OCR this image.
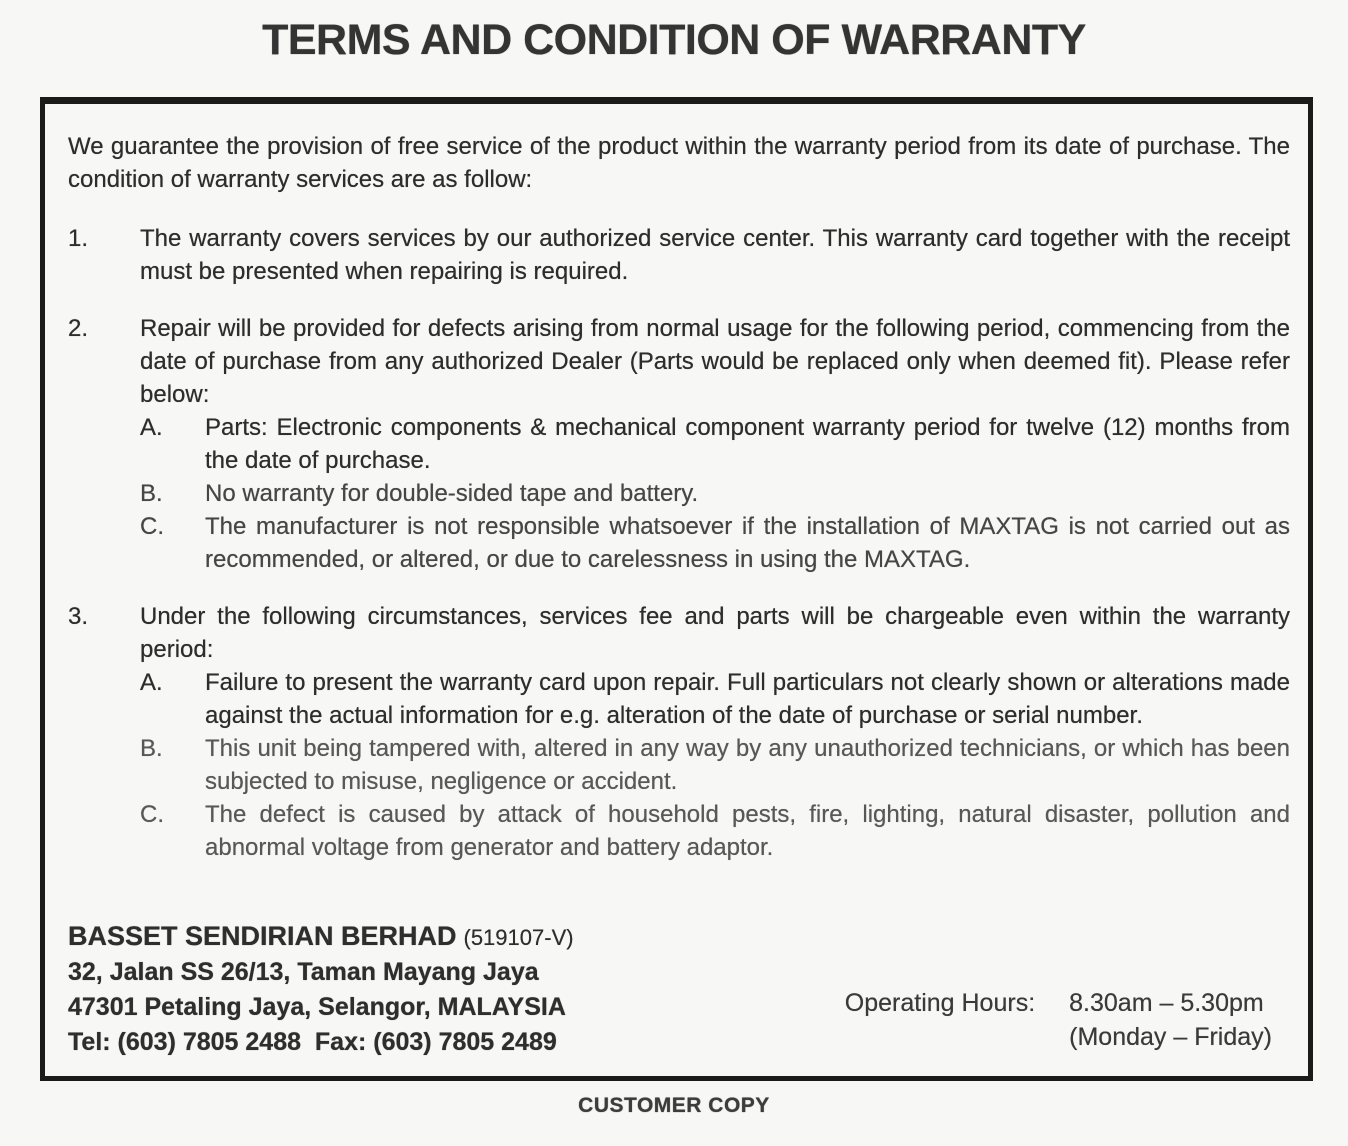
TERMS AND CONDITION OF WARRANTY

We guarantee the provision of free service of the product within the warranty period from its date of purchase. The condition of warranty services are as follow:

1.	The warranty covers services by our authorized service center. This warranty card together with the receipt must be presented when repairing is required.

2.	Repair will be provided for defects arising from normal usage for the following period, commencing from the date of purchase from any authorized Dealer (Parts would be replaced only when deemed fit). Please refer below:

A.	Parts: Electronic components & mechanical component warranty period for twelve (12) months from the date of purchase.

B.	No warranty for double-sided tape and battery.

C.	The manufacturer is not responsible whatsoever if the installation of MAXTAG is not carried out as recommended, or altered, or due to carelessness in using the MAXTAG.

3.	Under the following circumstances, services fee and parts will be chargeable even within the warranty period:

A.	Failure to present the warranty card upon repair. Full particulars not clearly shown or alterations made against the actual information for e.g. alteration of the date of purchase or serial number.

B.	This unit being tampered with, altered in any way by any unauthorized technicians, or which has been subjected to misuse, negligence or accident.

C.	The defect is caused by attack of household pests, fire, lighting, natural disaster, pollution and abnormal voltage from generator and battery adaptor.

BASSET SENDIRIAN BERHAD (519107-V)
32, Jalan SS 26/13, Taman Mayang Jaya
47301 Petaling Jaya, Selangor, MALAYSIA
Tel: (603) 7805 2488  Fax: (603) 7805 2489
Operating Hours: 8.30am – 5.30pm
(Monday – Friday)
CUSTOMER COPY
